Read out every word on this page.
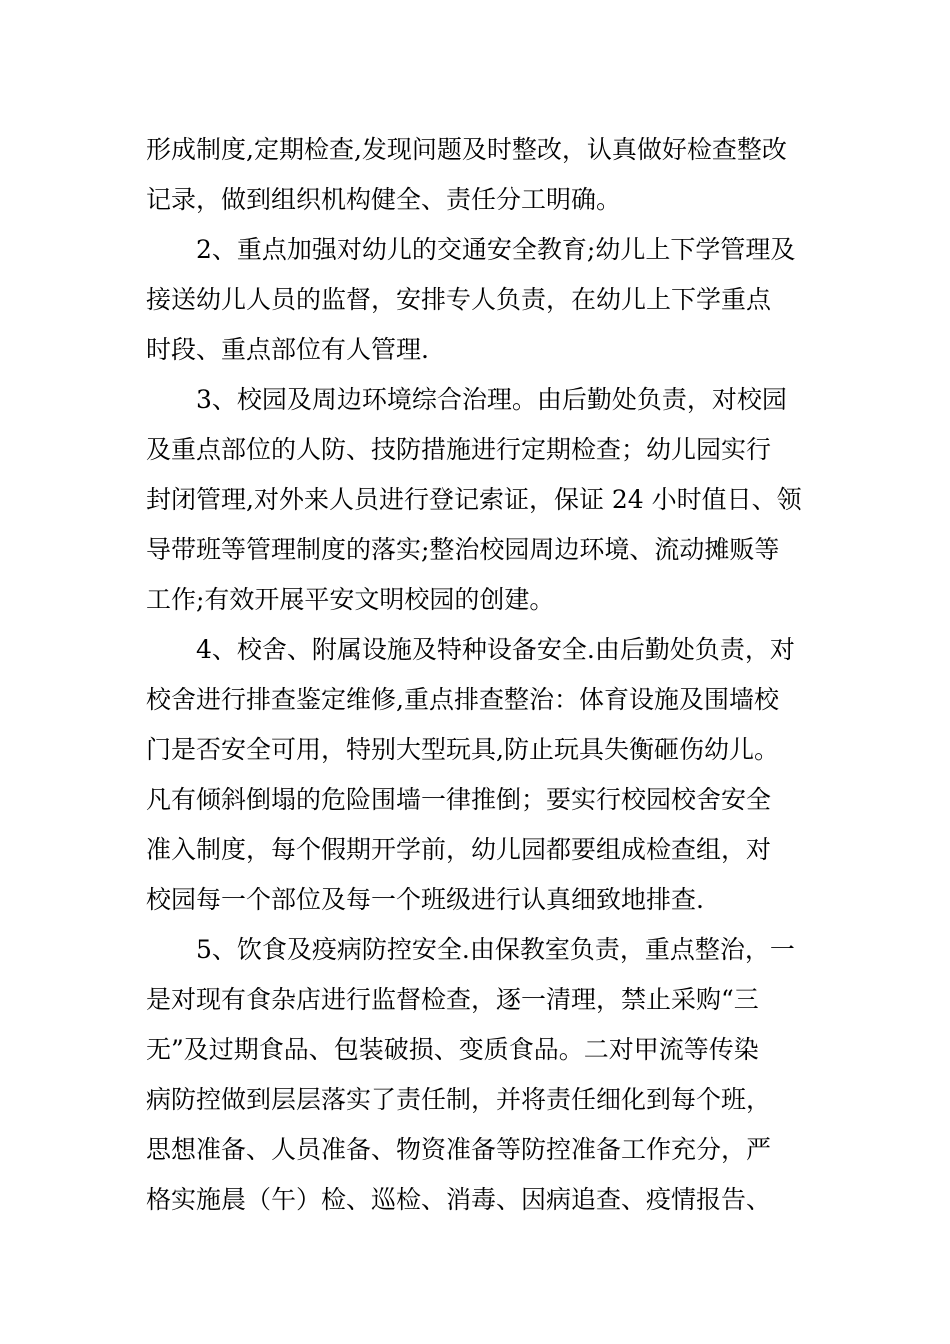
形成制度,定期检查,发现问题及时整改，认真做好检查整改
记录，做到组织机构健全、责任分工明确。
2、重点加强对幼儿的交通安全教育;幼儿上下学管理及
接送幼儿人员的监督，安排专人负责，在幼儿上下学重点
时段、重点部位有人管理.
3、校园及周边环境综合治理。由后勤处负责，对校园
及重点部位的人防、技防措施进行定期检查；幼儿园实行
封闭管理,对外来人员进行登记索证，保证 24 小时值日、领
导带班等管理制度的落实;整治校园周边环境、流动摊贩等
工作;有效开展平安文明校园的创建。
4、校舍、附属设施及特种设备安全.由后勤处负责，对
校舍进行排查鉴定维修,重点排查整治：体育设施及围墙校
门是否安全可用，特别大型玩具,防止玩具失衡砸伤幼儿。
凡有倾斜倒塌的危险围墙一律推倒；要实行校园校舍安全
准入制度，每个假期开学前，幼儿园都要组成检查组，对
校园每一个部位及每一个班级进行认真细致地排查.
5、饮食及疫病防控安全.由保教室负责，重点整治，一
是对现有食杂店进行监督检查，逐一清理，禁止采购“三
无”及过期食品、包装破损、变质食品。二对甲流等传染
病防控做到层层落实了责任制，并将责任细化到每个班，
思想准备、人员准备、物资准备等防控准备工作充分，严
格实施晨（午）检、巡检、消毒、因病追查、疫情报告、
